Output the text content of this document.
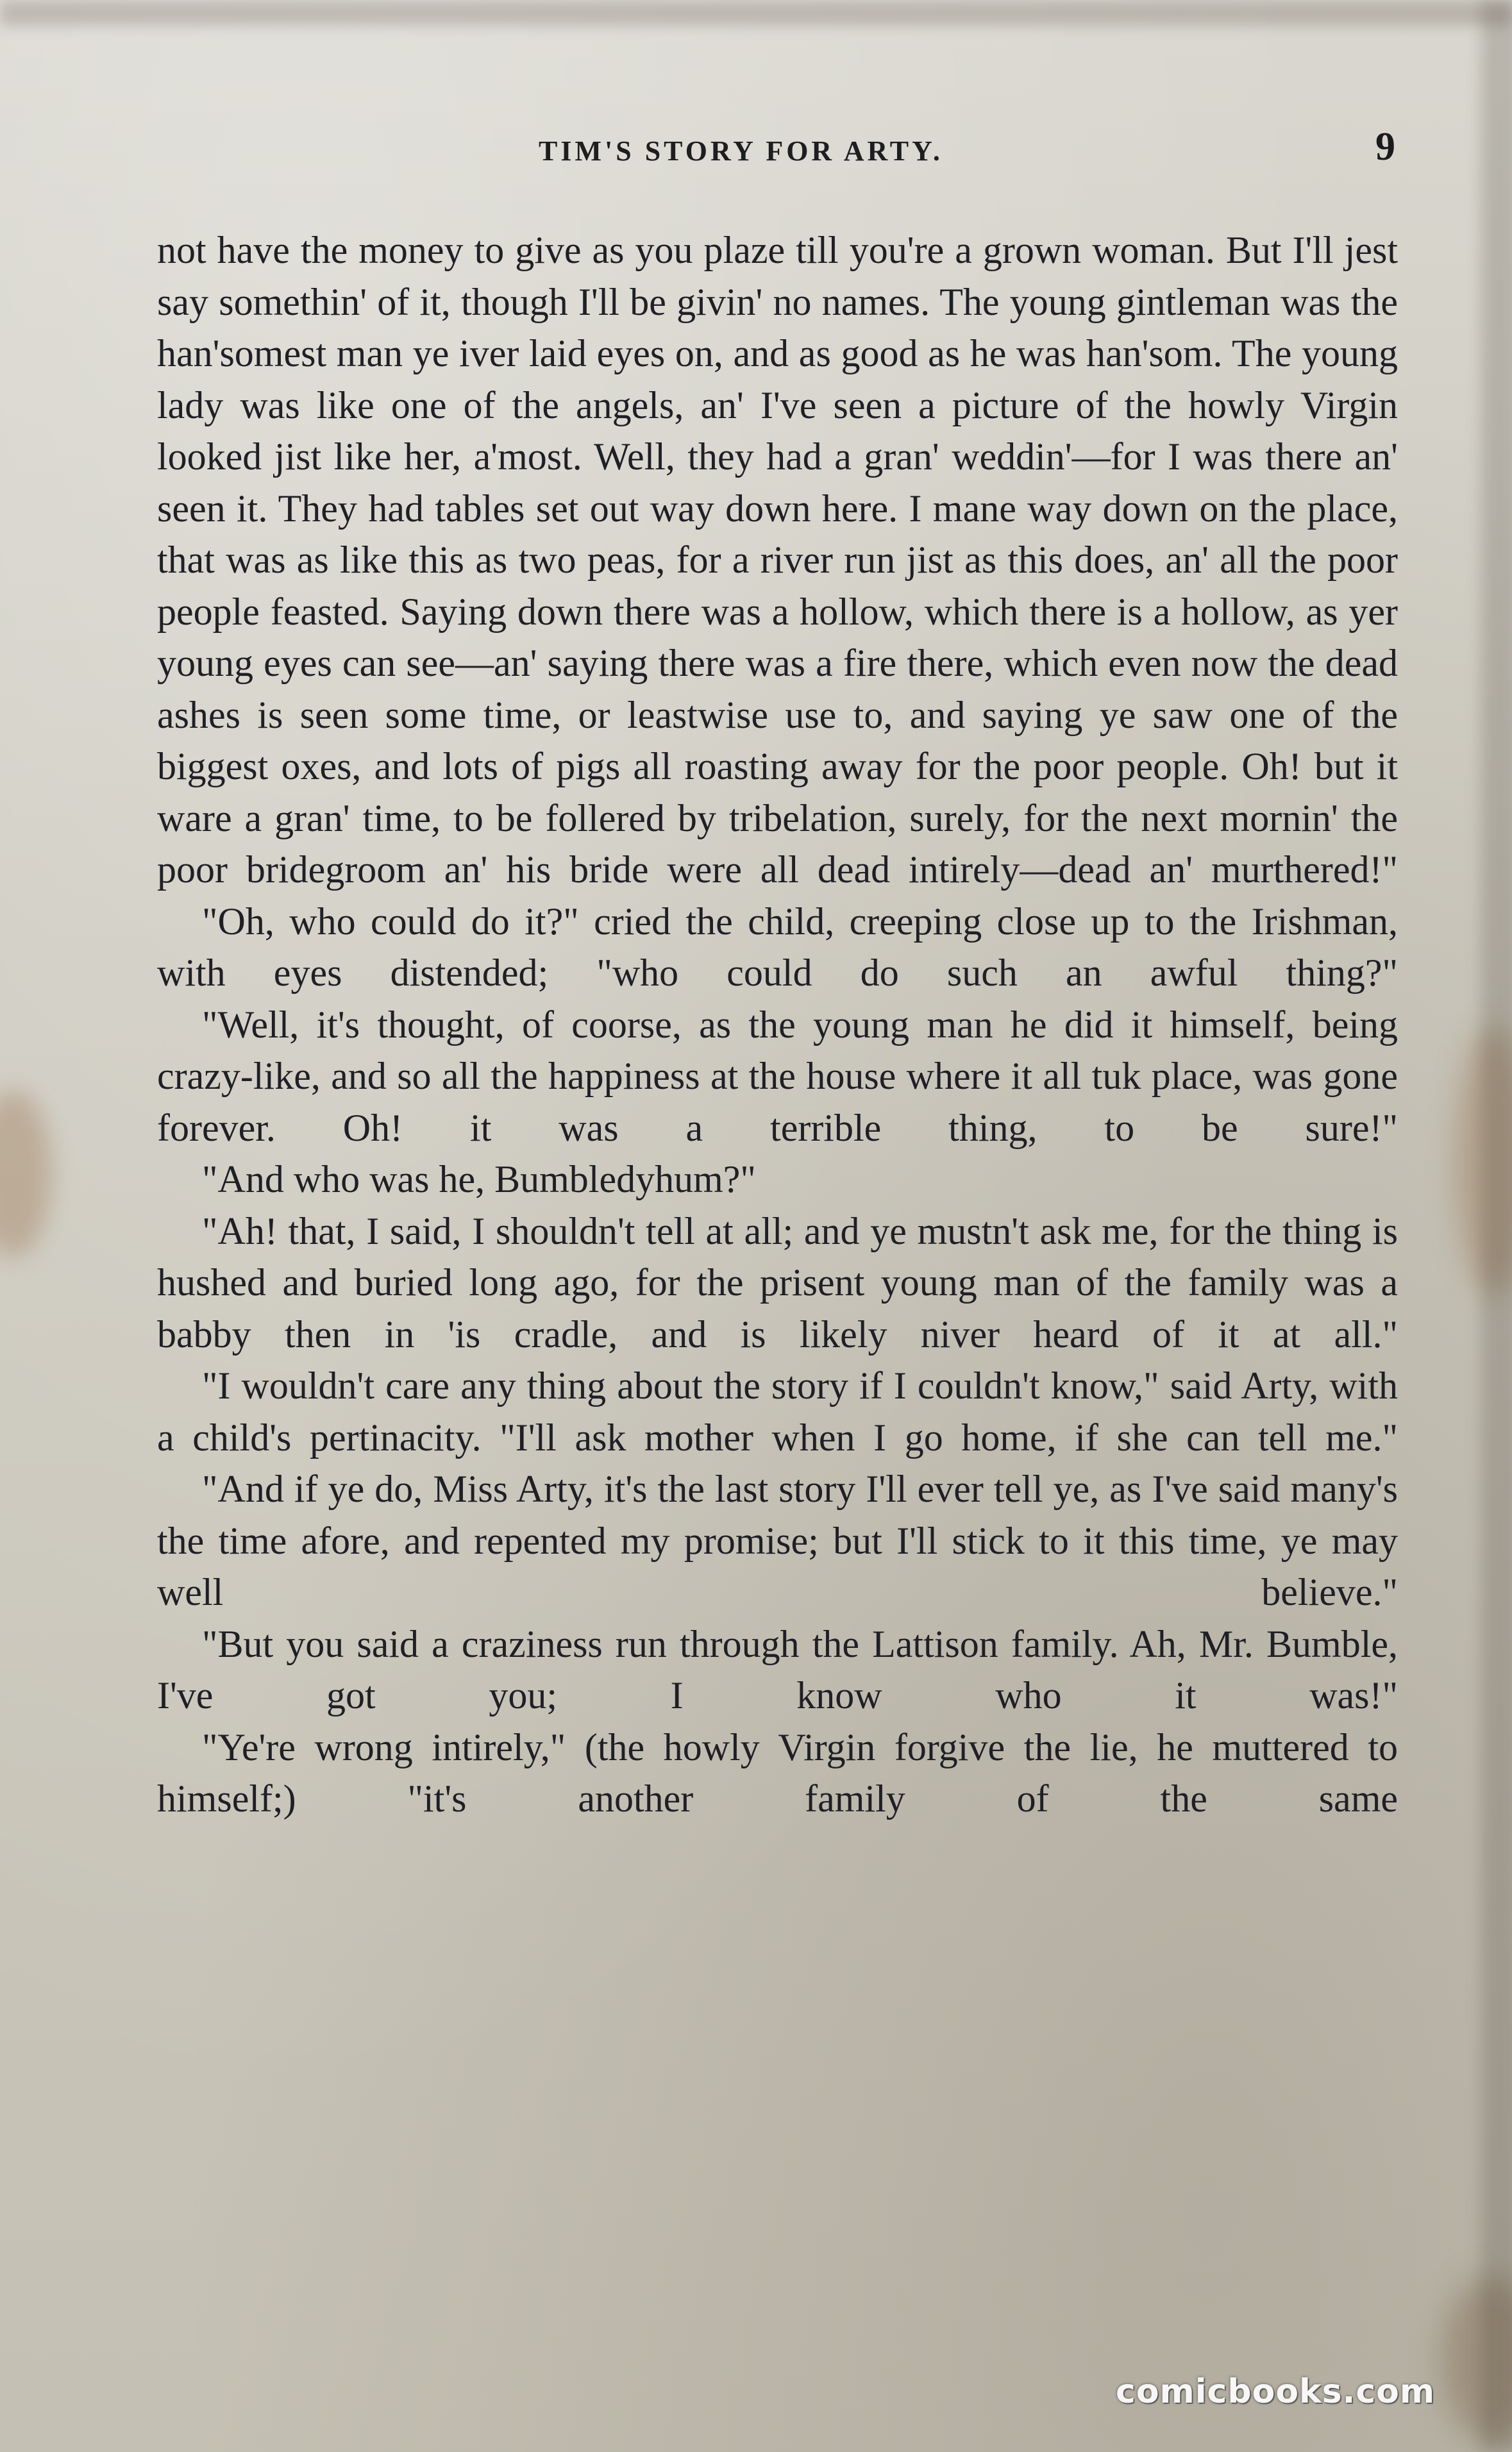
TIM'S STORY FOR ARTY.	9

not have the money to give as you plaze till you're a grown woman. But I'll jest say somethin' of it, though I'll be givin' no names. The young gintleman was the han'somest man ye iver laid eyes on, and as good as he was han'som. The young lady was like one of the angels, an' I've seen a picture of the howly Virgin looked jist like her, a'most. Well, they had a gran' weddin'—for I was there an' seen it. They had tables set out way down here. I mane way down on the place, that was as like this as two peas, for a river run jist as this does, an' all the poor people feasted. Saying down there was a hollow, which there is a hollow, as yer young eyes can see—an' saying there was a fire there, which even now the dead ashes is seen some time, or leastwise use to, and saying ye saw one of the biggest oxes, and lots of pigs all roasting away for the poor people. Oh! but it ware a gran' time, to be follered by tribelation, surely, for the next mornin' the poor bridegroom an' his bride were all dead intirely—dead an' murthered!"

"Oh, who could do it?" cried the child, creeping close up to the Irishman, with eyes distended; "who could do such an awful thing?"

"Well, it's thought, of coorse, as the young man he did it himself, being crazy-like, and so all the happiness at the house where it all tuk place, was gone forever. Oh! it was a terrible thing, to be sure!"

"And who was he, Bumbledyhum?"

"Ah! that, I said, I shouldn't tell at all; and ye mustn't ask me, for the thing is hushed and buried long ago, for the prisent young man of the family was a babby then in 'is cradle, and is likely niver heard of it at all."

"I wouldn't care any thing about the story if I couldn't know," said Arty, with a child's pertinacity. "I'll ask mother when I go home, if she can tell me."

"And if ye do, Miss Arty, it's the last story I'll ever tell ye, as I've said many's the time afore, and repented my promise; but I'll stick to it this time, ye may well believe."

"But you said a craziness run through the Lattison family. Ah, Mr. Bumble, I've got you; I know who it was!"

"Ye're wrong intirely," (the howly Virgin forgive the lie, he muttered to himself;) "it's another family of the same

comicbooks.com
